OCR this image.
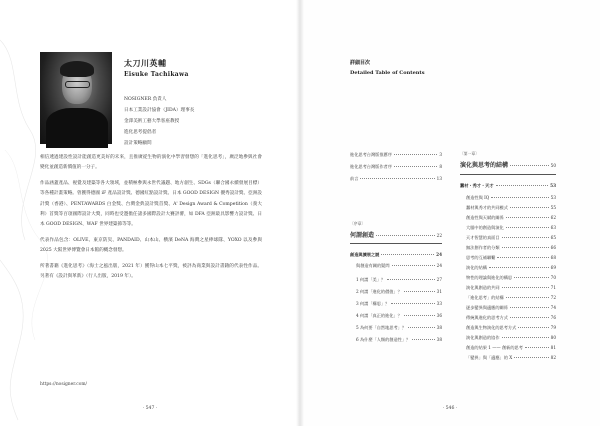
太刀川英輔
Eisuke Tachikawa
NOSIGNER 負責人
日本工業設計協會（JIDA）理事長
金澤美術工藝大學客座教授
進化思考提倡者
設計策略顧問

相信透過建設性設計能創造更美好的未來，且推廣從生物的演化中學習發想的「進化思考」，廣泛地參與社會變化並創造新價值的一分子。

作品涵蓋產品、視覺及建築等各大領域，並積極參與永世代議題、地方創生、SDGs（聯合國永續發展目標）等各種計畫策略。曾獲得德國 iF 產品設計獎、德國紅點設計獎、日本 GOOD DESIGN 優秀設計獎、亞洲設計獎（香港）、PENTAWARDS 白金獎、台灣金典設計獎首獎、A' Design Award & Competition（義大利）首獎等百項國際設計大獎，同時也受邀擔任諸多國際設計大賽評審，如 DFA 亞洲最具影響力設計獎、日本 GOOD DESIGN、WAF 世界建築節等等。

代表作品包含：OLIVE、東京防災、PANDAID、山本山、横濱 DeNA 海灣之星棒球隊、YOXO 以及參與 2025 大阪世界博覽會日本館的概念發想。

所著書籍《進化思考》（海士之風出版，2021 年）獲得山本七平獎，被評為商業與設計書籍的代表性作品。另著有《設計與革新》（行人出版，2019 年）。

https://nosigner.com/
· 547 ·
詳細目次
Detailed Table of Contents
進化思考台灣版推薦序	3
進化思考台灣版作者序	8
前言	13
〔序章〕
何謂創造	22
創造與擴展之謎	24
與創造有關的疑問	24
1 何謂「美」？	27
2 何謂「進化的價值」？	31
3 何謂「構思」？	33
4 何謂「真正的進化」？	36
5 為何要「自然地思考」？	38
6 為什麼「人類的創造性」？	38
〔第一章〕
演化與思考的結構	50
蠢材・秀才・天才	53
創造性與 IQ	53
蠢材與秀才的共同模式	55
創造性與天賦的關係	62
大腦中的創造與演化	63
天才智慧的真面目	65
無法創作者的分類	66
思考的互補聯繫	68
演化的結構	69
物性的理論與進化的構思	70
演化與創造的共同	71
「進化思考」的結構	72
逐步變異與適應的關係	74
傳統與進化的思考方式	76
創造與生物演化的思考方式	79
演化與創造的協作	80
創造的結果 1 —— 創新的思考	81
「變異」與「適應」的 X	82
· 546 ·
